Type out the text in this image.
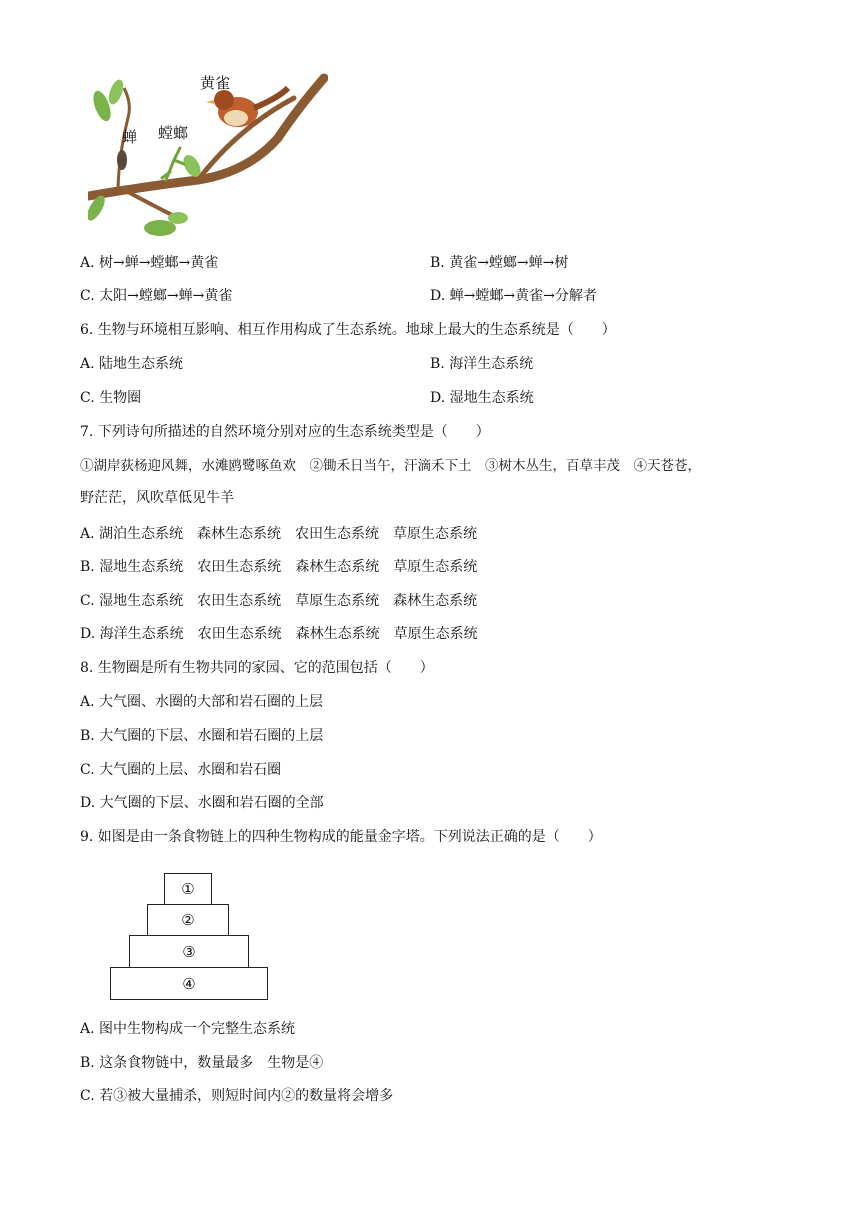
黄雀
蝉 螳螂
A. 树→蝉→螳螂→黄雀	B. 黄雀→螳螂→蝉→树
C. 太阳→螳螂→蝉→黄雀	D. 蝉→螳螂→黄雀→分解者
6. 生物与环境相互影响、相互作用构成了生态系统。地球上最大的生态系统是（　　）
A. 陆地生态系统	B. 海洋生态系统
C. 生物圈	D. 湿地生态系统
7. 下列诗句所描述的自然环境分别对应的生态系统类型是（　　）
①湖岸荻杨迎风舞，水滩鸥鹭啄鱼欢　②锄禾日当午，汗滴禾下土　③树木丛生，百草丰茂　④天苍苍，
野茫茫，风吹草低见牛羊
A. 湖泊生态系统　森林生态系统　农田生态系统　草原生态系统
B. 湿地生态系统　农田生态系统　森林生态系统　草原生态系统
C. 湿地生态系统　农田生态系统　草原生态系统　森林生态系统
D. 海洋生态系统　农田生态系统　森林生态系统　草原生态系统
8. 生物圈是所有生物共同的家园、它的范围包括（　　）
A. 大气圈、水圈的大部和岩石圈的上层
B. 大气圈的下层、水圈和岩石圈的上层
C. 大气圈的上层、水圈和岩石圈
D. 大气圈的下层、水圈和岩石圈的全部
9. 如图是由一条食物链上的四种生物构成的能量金字塔。下列说法正确的是（　　）
①
②
③
④
A. 图中生物构成一个完整生态系统
B. 这条食物链中，数量最多　生物是④
C. 若③被大量捕杀，则短时间内②的数量将会增多
